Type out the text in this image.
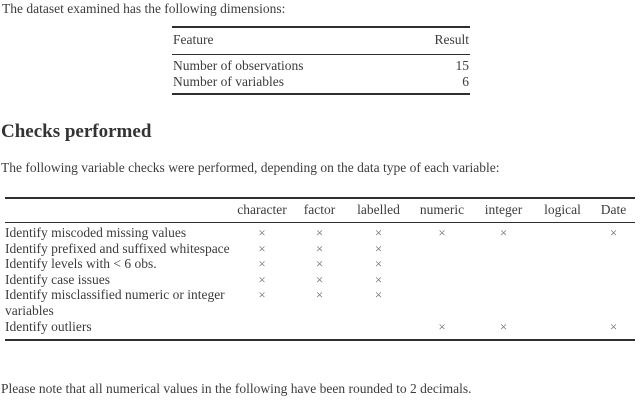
The dataset examined has the following dimensions:

Feature	Result
Number of observations	15
Number of variables	6
Checks performed

The following variable checks were performed, depending on the data type of each variable:

	character	factor	labelled	numeric	integer	logical	Date
Identify miscoded missing values	×	×	×	×	×		×
Identify prefixed and suffixed whitespace	×	×	×				
Identify levels with < 6 obs.	×	×	×				
Identify case issues	×	×	×				
Identify misclassified numeric or integer variables	×	×	×				
Identify outliers				×	×		×

Please note that all numerical values in the following have been rounded to 2 decimals.
